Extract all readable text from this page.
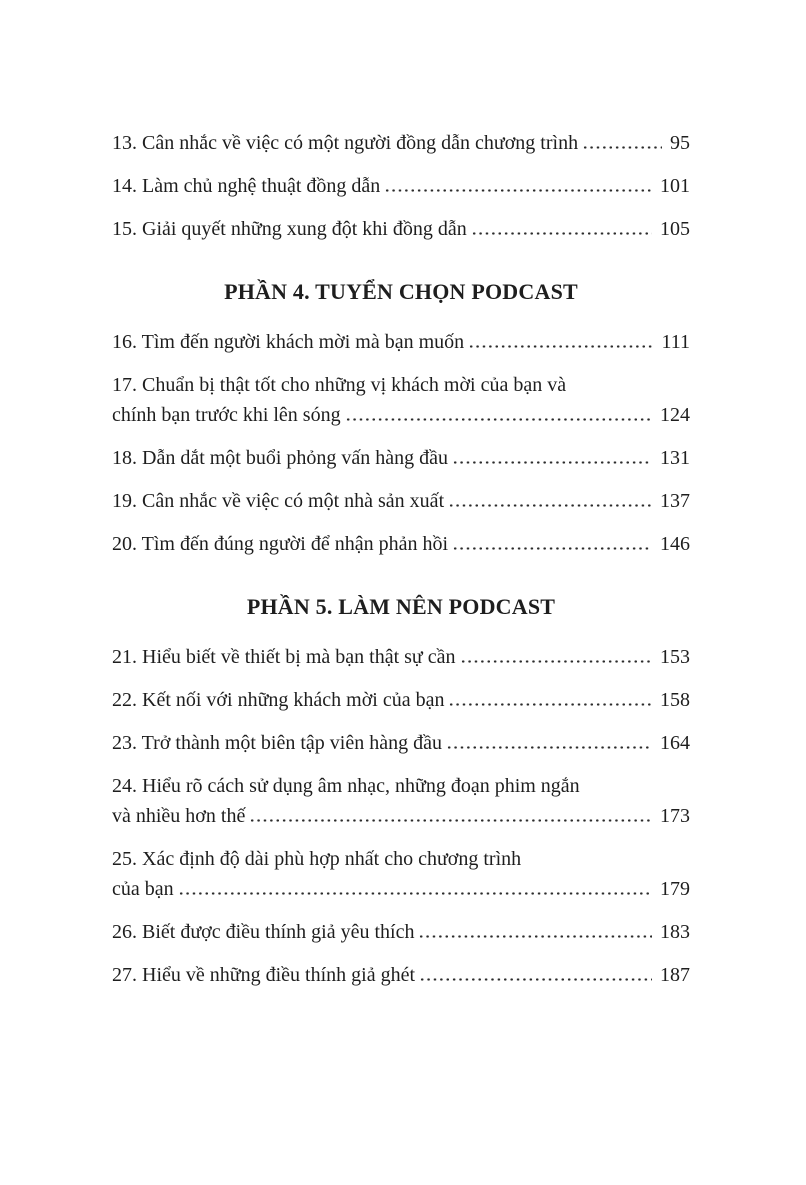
13. Cân nhắc về việc có một người đồng dẫn chương trình	95
14. Làm chủ nghệ thuật đồng dẫn	101
15. Giải quyết những xung đột khi đồng dẫn	105
PHẦN 4. TUYỂN CHỌN PODCAST
16. Tìm đến người khách mời mà bạn muốn	111
17. Chuẩn bị thật tốt cho những vị khách mời của bạn và
chính bạn trước khi lên sóng	124
18. Dẫn dắt một buổi phỏng vấn hàng đầu	131
19. Cân nhắc về việc có một nhà sản xuất	137
20. Tìm đến đúng người để nhận phản hồi	146
PHẦN 5. LÀM NÊN PODCAST
21. Hiểu biết về thiết bị mà bạn thật sự cần	153
22. Kết nối với những khách mời của bạn	158
23. Trở thành một biên tập viên hàng đầu	164
24. Hiểu rõ cách sử dụng âm nhạc, những đoạn phim ngắn
và nhiều hơn thế	173
25. Xác định độ dài phù hợp nhất cho chương trình
của bạn	179
26. Biết được điều thính giả yêu thích	183
27. Hiểu về những điều thính giả ghét	187
